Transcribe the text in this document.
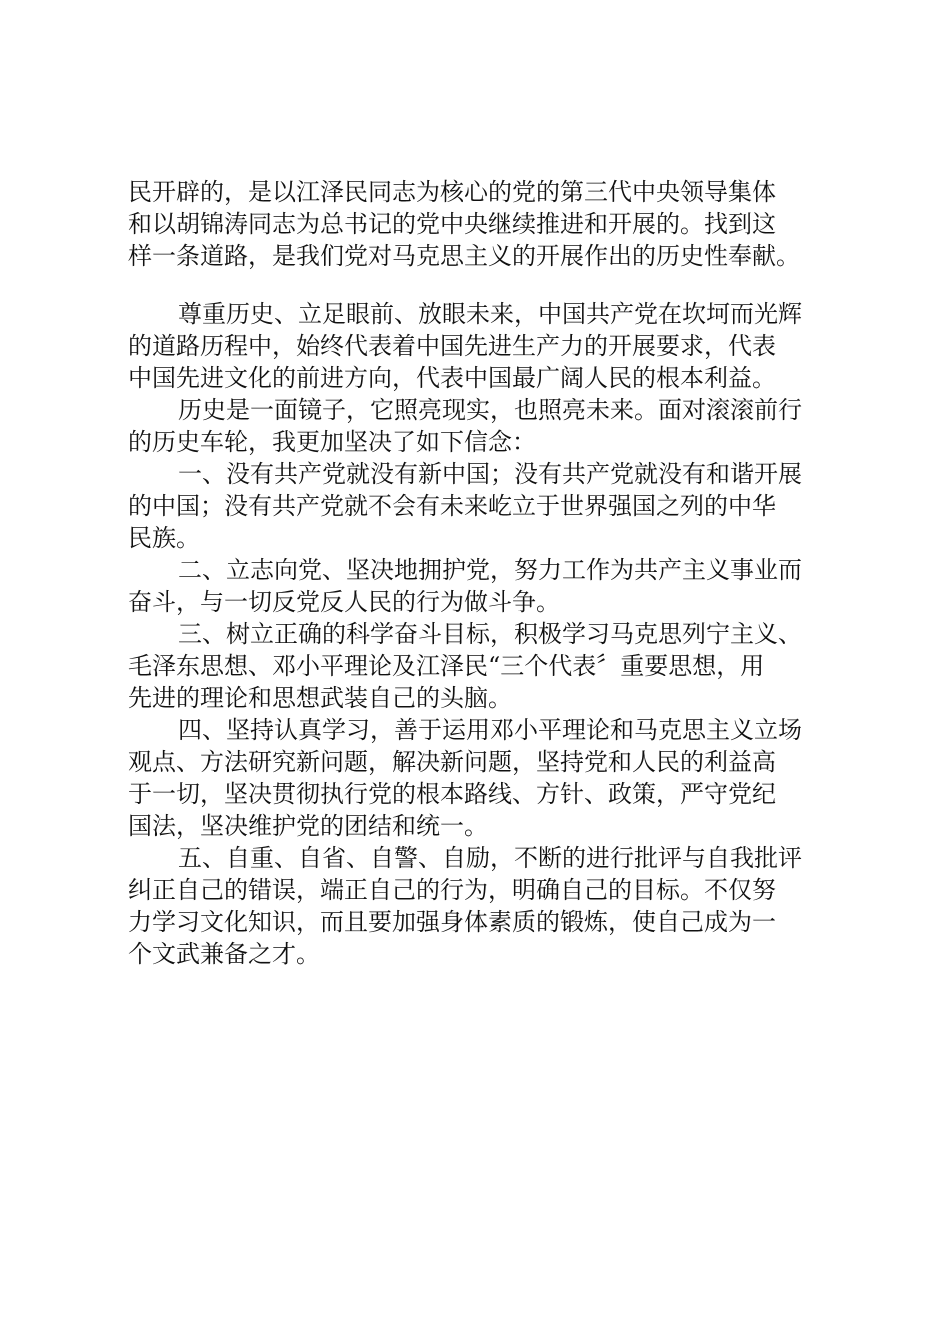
民开辟的，是以江泽民同志为核心的党的第三代中央领导集体

和以胡锦涛同志为总书记的党中央继续推进和开展的。找到这

样一条道路，是我们党对马克思主义的开展作出的历史性奉献。

尊重历史、立足眼前、放眼未来，中国共产党在坎坷而光辉

的道路历程中，始终代表着中国先进生产力的开展要求，代表

中国先进文化的前进方向，代表中国最广阔人民的根本利益。

历史是一面镜子，它照亮现实，也照亮未来。面对滚滚前行

的历史车轮，我更加坚决了如下信念：

一、没有共产党就没有新中国；没有共产党就没有和谐开展

的中国；没有共产党就不会有未来屹立于世界强国之列的中华

民族。

二、立志向党、坚决地拥护党，努力工作为共产主义事业而

奋斗，与一切反党反人民的行为做斗争。

三、树立正确的科学奋斗目标，积极学习马克思列宁主义、

毛泽东思想、邓小平理论及江泽民“三个代表〞重要思想，用

先进的理论和思想武装自己的头脑。

四、坚持认真学习，善于运用邓小平理论和马克思主义立场

观点、方法研究新问题，解决新问题，坚持党和人民的利益高

于一切，坚决贯彻执行党的根本路线、方针、政策，严守党纪

国法，坚决维护党的团结和统一。

五、自重、自省、自警、自励，不断的进行批评与自我批评

纠正自己的错误，端正自己的行为，明确自己的目标。不仅努

力学习文化知识，而且要加强身体素质的锻炼，使自己成为一

个文武兼备之才。
